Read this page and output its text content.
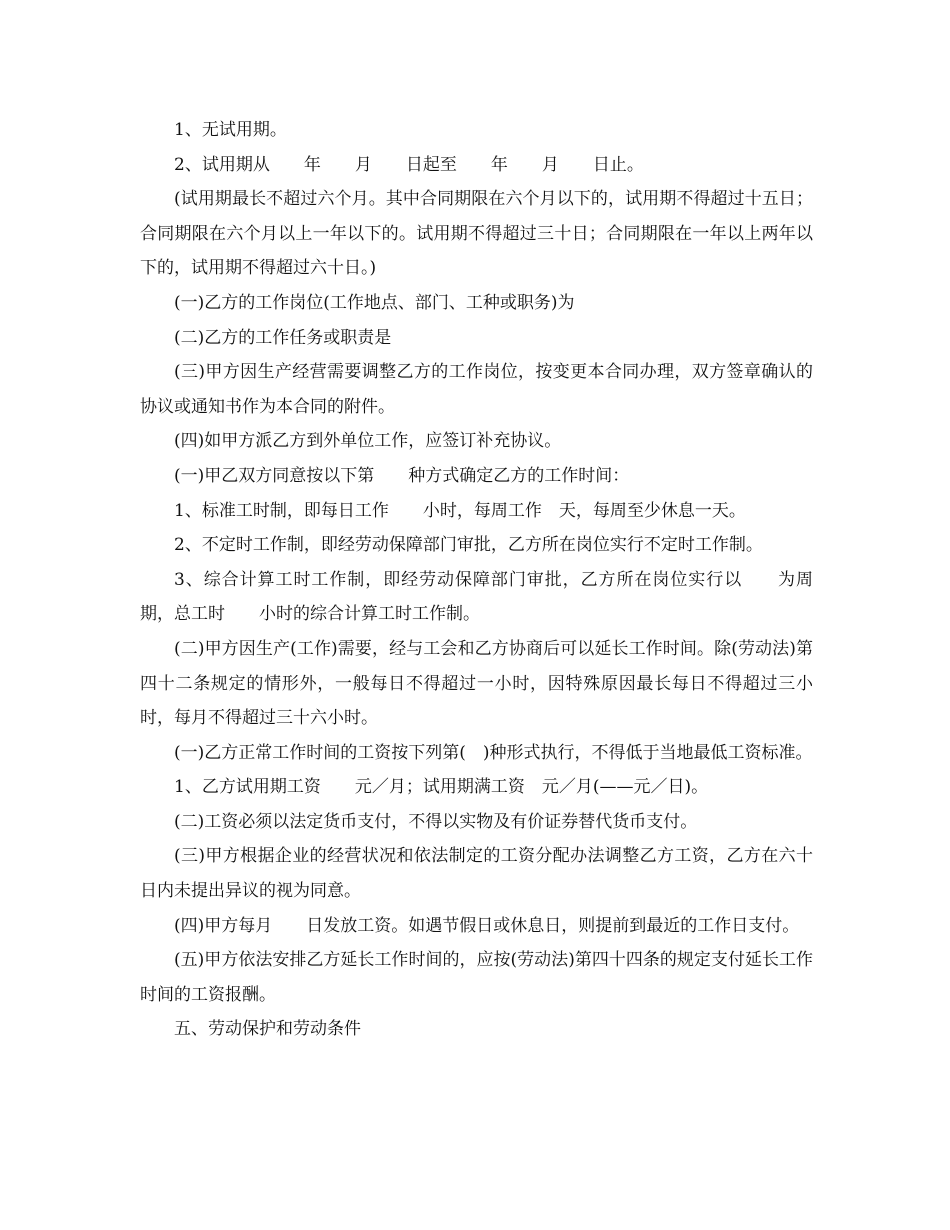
1、无试用期。

2、试用期从　　年　　月　　日起至　　年　　月　　日止。

(试用期最长不超过六个月。其中合同期限在六个月以下的，试用期不得超过十五日；合同期限在六个月以上一年以下的。试用期不得超过三十日；合同期限在一年以上两年以下的，试用期不得超过六十日。)

(一)乙方的工作岗位(工作地点、部门、工种或职务)为

(二)乙方的工作任务或职责是

(三)甲方因生产经营需要调整乙方的工作岗位，按变更本合同办理，双方签章确认的协议或通知书作为本合同的附件。

(四)如甲方派乙方到外单位工作，应签订补充协议。

(一)甲乙双方同意按以下第　　种方式确定乙方的工作时间：

1、标准工时制，即每日工作　　小时，每周工作　天，每周至少休息一天。

2、不定时工作制，即经劳动保障部门审批，乙方所在岗位实行不定时工作制。

3、综合计算工时工作制，即经劳动保障部门审批，乙方所在岗位实行以　　为周期，总工时　　小时的综合计算工时工作制。

(二)甲方因生产(工作)需要，经与工会和乙方协商后可以延长工作时间。除(劳动法)第四十二条规定的情形外，一般每日不得超过一小时，因特殊原因最长每日不得超过三小时，每月不得超过三十六小时。

(一)乙方正常工作时间的工资按下列第(　)种形式执行，不得低于当地最低工资标准。

1、乙方试用期工资　　元／月；试用期满工资　元／月(——元／日)。

(二)工资必须以法定货币支付，不得以实物及有价证券替代货币支付。

(三)甲方根据企业的经营状况和依法制定的工资分配办法调整乙方工资，乙方在六十日内未提出异议的视为同意。

(四)甲方每月　　日发放工资。如遇节假日或休息日，则提前到最近的工作日支付。

(五)甲方依法安排乙方延长工作时间的，应按(劳动法)第四十四条的规定支付延长工作时间的工资报酬。

五、劳动保护和劳动条件
